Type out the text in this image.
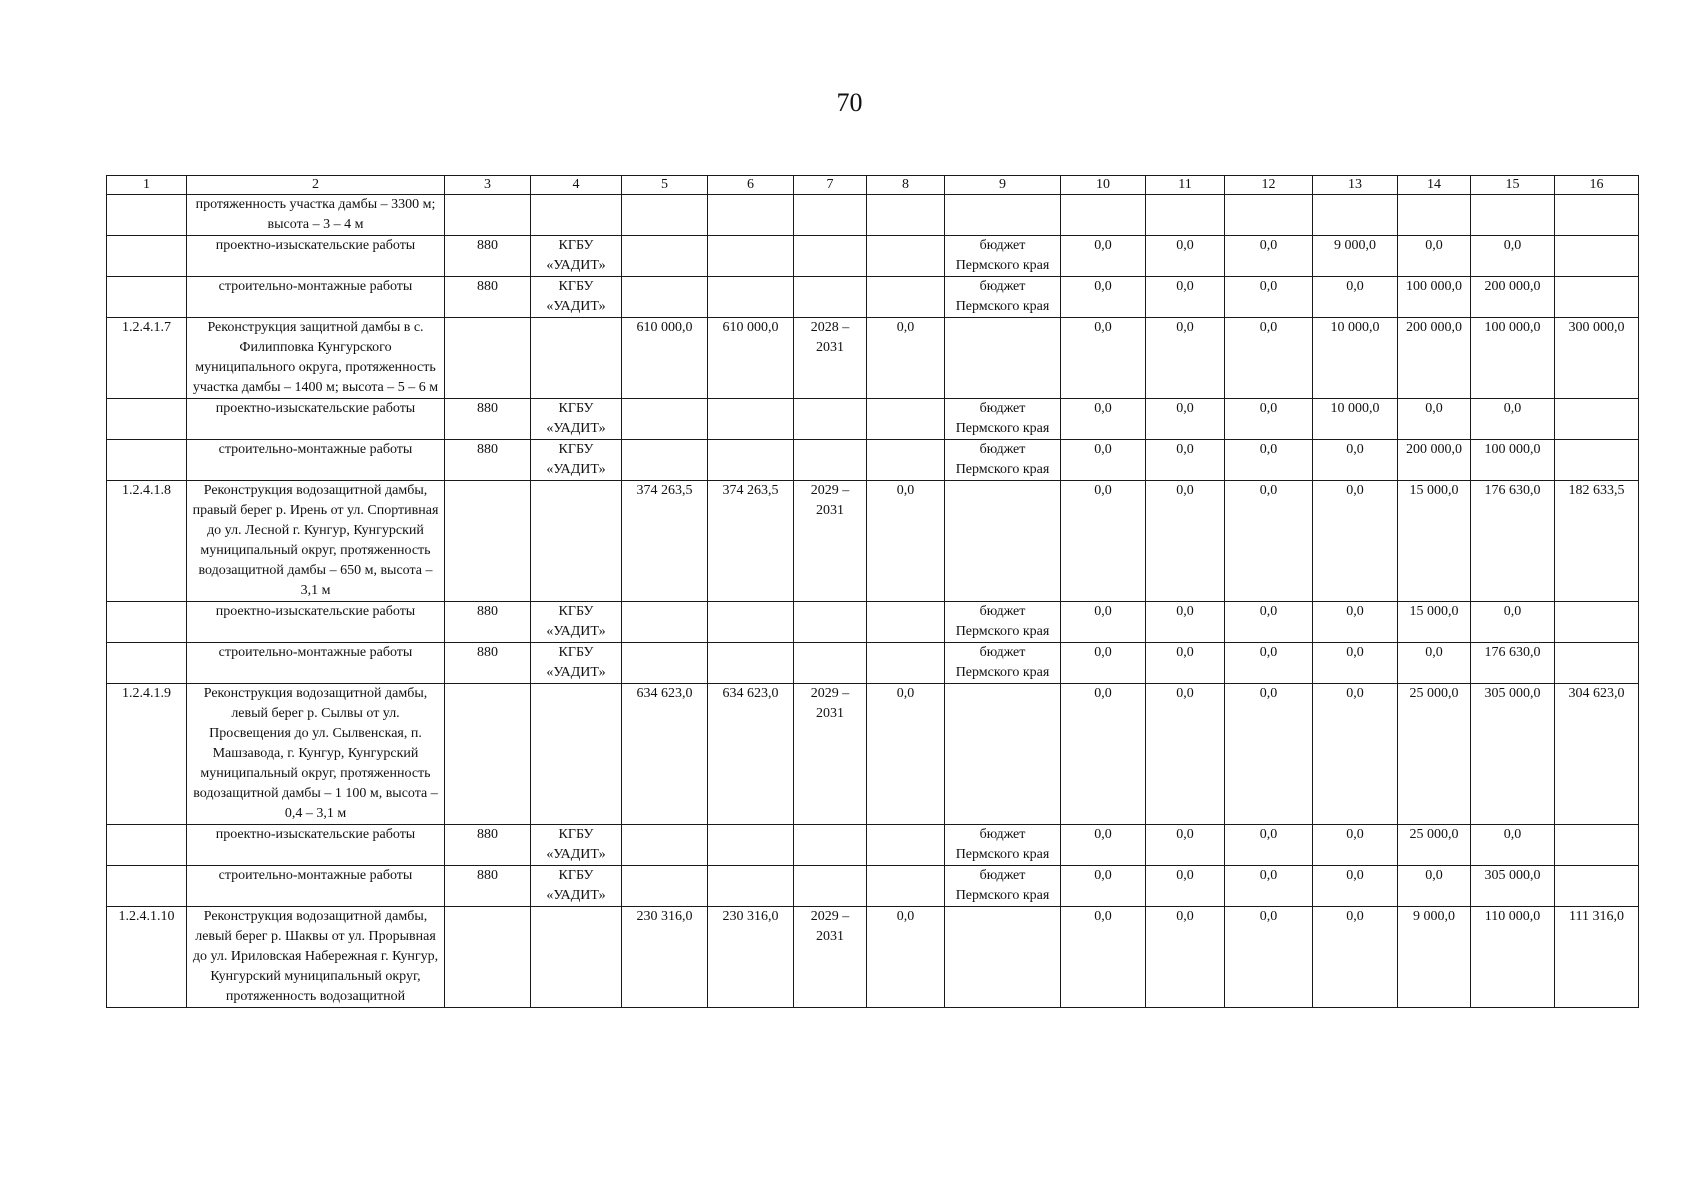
70
1	2	3	4	5	6	7	8	9	10	11	12	13	14	15	16
	протяженность участка дамбы – 3300 м; высота – 3 – 4 м														
	проектно-изыскательские работы	880	КГБУ «УАДИТ»					бюджет Пермского края	0,0	0,0	0,0	9 000,0	0,0	0,0	
	строительно-монтажные работы	880	КГБУ «УАДИТ»					бюджет Пермского края	0,0	0,0	0,0	0,0	100 000,0	200 000,0	
1.2.4.1.7	Реконструкция защитной дамбы в с. Филипповка Кунгурского муниципального округа, протяженность участка дамбы – 1400 м; высота – 5 – 6 м			610 000,0	610 000,0	2028 – 2031	0,0		0,0	0,0	0,0	10 000,0	200 000,0	100 000,0	300 000,0
	проектно-изыскательские работы	880	КГБУ «УАДИТ»					бюджет Пермского края	0,0	0,0	0,0	10 000,0	0,0	0,0	
	строительно-монтажные работы	880	КГБУ «УАДИТ»					бюджет Пермского края	0,0	0,0	0,0	0,0	200 000,0	100 000,0	
1.2.4.1.8	Реконструкция водозащитной дамбы, правый берег р. Ирень от ул. Спортивная до ул. Лесной г. Кунгур, Кунгурский муниципальный округ, протяженность водозащитной дамбы – 650 м, высота – 3,1 м			374 263,5	374 263,5	2029 – 2031	0,0		0,0	0,0	0,0	0,0	15 000,0	176 630,0	182 633,5
	проектно-изыскательские работы	880	КГБУ «УАДИТ»					бюджет Пермского края	0,0	0,0	0,0	0,0	15 000,0	0,0	
	строительно-монтажные работы	880	КГБУ «УАДИТ»					бюджет Пермского края	0,0	0,0	0,0	0,0	0,0	176 630,0	
1.2.4.1.9	Реконструкция водозащитной дамбы, левый берег р. Сылвы от ул. Просвещения до ул. Сылвенская, п. Машзавода, г. Кунгур, Кунгурский муниципальный округ, протяженность водозащитной дамбы – 1 100 м, высота – 0,4 – 3,1 м			634 623,0	634 623,0	2029 – 2031	0,0		0,0	0,0	0,0	0,0	25 000,0	305 000,0	304 623,0
	проектно-изыскательские работы	880	КГБУ «УАДИТ»					бюджет Пермского края	0,0	0,0	0,0	0,0	25 000,0	0,0	
	строительно-монтажные работы	880	КГБУ «УАДИТ»					бюджет Пермского края	0,0	0,0	0,0	0,0	0,0	305 000,0	
1.2.4.1.10	Реконструкция водозащитной дамбы, левый берег р. Шаквы от ул. Прорывная до ул. Ириловская Набережная г. Кунгур, Кунгурский муниципальный округ, протяженность водозащитной			230 316,0	230 316,0	2029 – 2031	0,0		0,0	0,0	0,0	0,0	9 000,0	110 000,0	111 316,0
